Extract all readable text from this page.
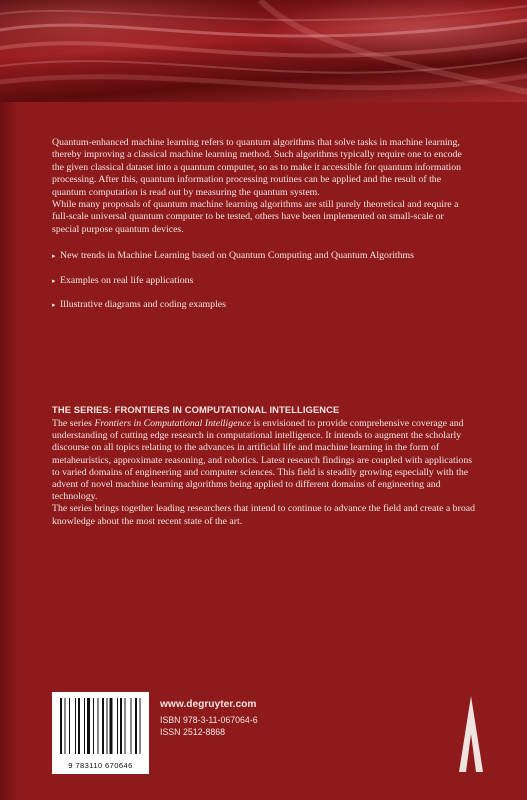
Quantum-enhanced machine learning refers to quantum algorithms that solve tasks in machine learning, thereby improving a classical machine learning method. Such algorithms typically require one to encode the given classical dataset into a quantum computer, so as to make it accessible for quantum information processing. After this, quantum information processing routines can be applied and the result of the quantum computation is read out by measuring the quantum system.

While many proposals of quantum machine learning algorithms are still purely theoretical and require a full-scale universal quantum computer to be tested, others have been implemented on small-scale or special purpose quantum devices.

▸ New trends in Machine Learning based on Quantum Computing and Quantum Algorithms
▸ Examples on real life applications
▸ Illustrative diagrams and coding examples
THE SERIES: FRONTIERS IN COMPUTATIONAL INTELLIGENCE
The series Frontiers in Computational Intelligence is envisioned to provide comprehensive coverage and understanding of cutting edge research in computational intelligence. It intends to augment the scholarly discourse on all topics relating to the advances in artificial life and machine learning in the form of metaheuristics, approximate reasoning, and robotics. Latest research findings are coupled with applications to varied domains of engineering and computer sciences. This field is steadily growing especially with the advent of novel machine learning algorithms being applied to different domains of engineering and technology.
The series brings together leading researchers that intend to continue to advance the field and create a broad knowledge about the most recent state of the art.
9 783110 670646
www.degruyter.com
ISBN 978-3-11-067064-6
ISSN 2512-8868
